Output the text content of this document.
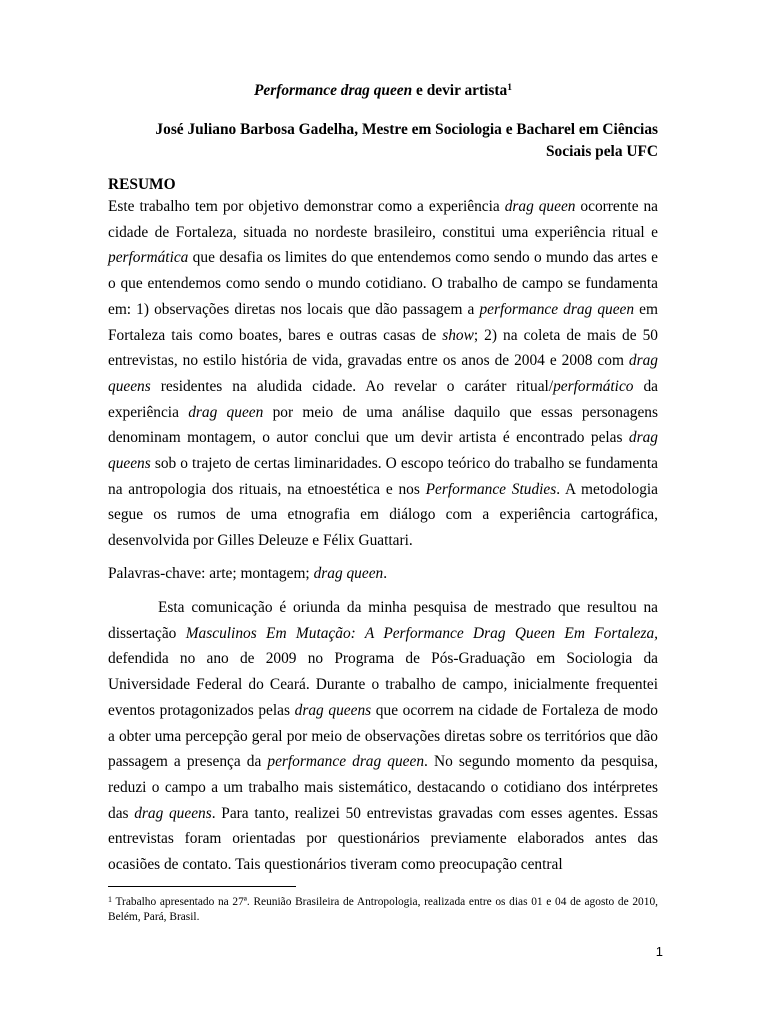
Performance drag queen e devir artista$^1$
José Juliano Barbosa Gadelha, Mestre em Sociologia e Bacharel em Ciências
Sociais pela UFC
RESUMO
Este trabalho tem por objetivo demonstrar como a experiência drag queen ocorrente na cidade de Fortaleza, situada no nordeste brasileiro, constitui uma experiência ritual e performática que desafia os limites do que entendemos como sendo o mundo das artes e o que entendemos como sendo o mundo cotidiano. O trabalho de campo se fundamenta em: 1) observações diretas nos locais que dão passagem a performance drag queen em Fortaleza tais como boates, bares e outras casas de show; 2) na coleta de mais de 50 entrevistas, no estilo história de vida, gravadas entre os anos de 2004 e 2008 com drag queens residentes na aludida cidade. Ao revelar o caráter ritual/performático da experiência drag queen por meio de uma análise daquilo que essas personagens denominam montagem, o autor conclui que um devir artista é encontrado pelas drag queens sob o trajeto de certas liminaridades. O escopo teórico do trabalho se fundamenta na antropologia dos rituais, na etnoestética e nos Performance Studies. A metodologia segue os rumos de uma etnografia em diálogo com a experiência cartográfica, desenvolvida por Gilles Deleuze e Félix Guattari.
Palavras-chave: arte; montagem; drag queen.
Esta comunicação é oriunda da minha pesquisa de mestrado que resultou na dissertação Masculinos Em Mutação: A Performance Drag Queen Em Fortaleza, defendida no ano de 2009 no Programa de Pós-Graduação em Sociologia da Universidade Federal do Ceará. Durante o trabalho de campo, inicialmente frequentei eventos protagonizados pelas drag queens que ocorrem na cidade de Fortaleza de modo a obter uma percepção geral por meio de observações diretas sobre os territórios que dão passagem a presença da performance drag queen. No segundo momento da pesquisa, reduzi o campo a um trabalho mais sistemático, destacando o cotidiano dos intérpretes das drag queens. Para tanto, realizei 50 entrevistas gravadas com esses agentes. Essas entrevistas foram orientadas por questionários previamente elaborados antes das ocasiões de contato. Tais questionários tiveram como preocupação central
$^1$ Trabalho apresentado na 27ª. Reunião Brasileira de Antropologia, realizada entre os dias 01 e 04 de agosto de 2010, Belém, Pará, Brasil.
1
